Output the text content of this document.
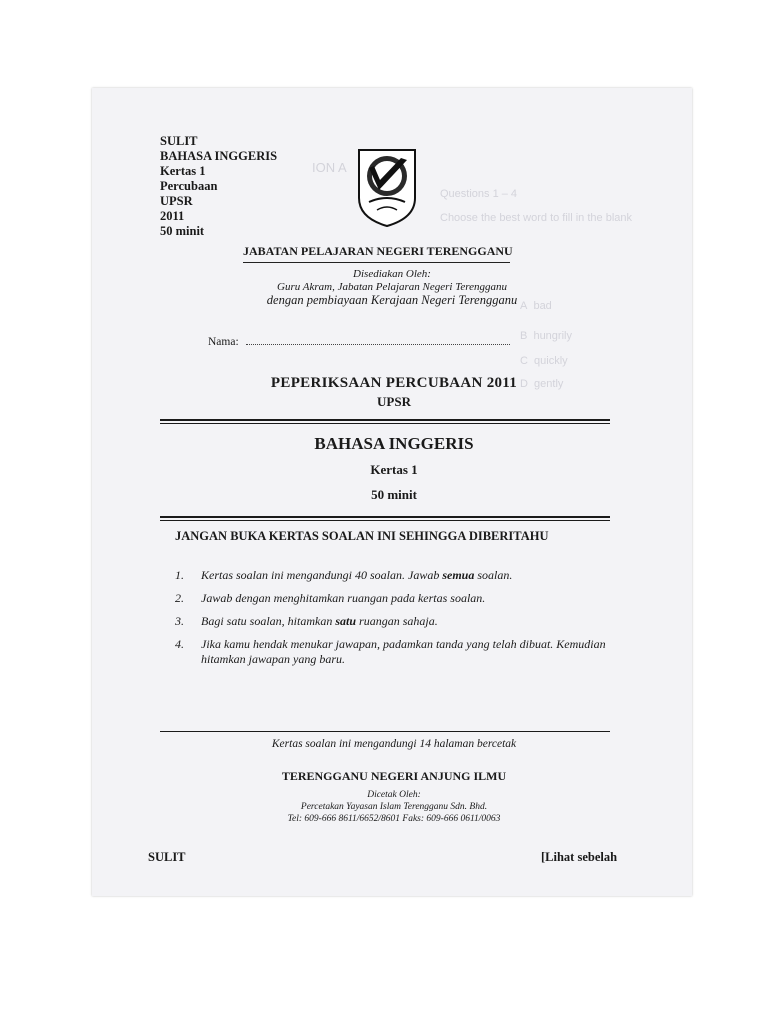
ION A
Questions 1 – 4
Choose the best word to fill in the blank
A  bad
B  hungrily
C  quickly
D  gently
SULIT
BAHASA INGGERIS
Kertas 1
Percubaan
UPSR
2011
50 minit
JABATAN PELAJARAN NEGERI TERENGGANU
Disediakan Oleh:
Guru Akram, Jabatan Pelajaran Negeri Terengganu
dengan pembiayaan Kerajaan Negeri Terengganu
Nama:
PEPERIKSAAN PERCUBAAN 2011
UPSR
BAHASA INGGERIS
Kertas 1
50 minit
JANGAN BUKA KERTAS SOALAN INI SEHINGGA DIBERITAHU
1.	Kertas soalan ini mengandungi 40 soalan. Jawab semua soalan.
2.	Jawab dengan menghitamkan ruangan pada kertas soalan.
3.	Bagi satu soalan, hitamkan satu ruangan sahaja.
4.	Jika kamu hendak menukar jawapan, padamkan tanda yang telah dibuat. Kemudian hitamkan jawapan yang baru.
Kertas soalan ini mengandungi 14 halaman bercetak
TERENGGANU NEGERI ANJUNG ILMU
Dicetak Oleh:
Percetakan Yayasan Islam Terengganu Sdn. Bhd.
Tel: 609-666 8611/6652/8601 Faks: 609-666 0611/0063
SULIT	[Lihat sebelah
